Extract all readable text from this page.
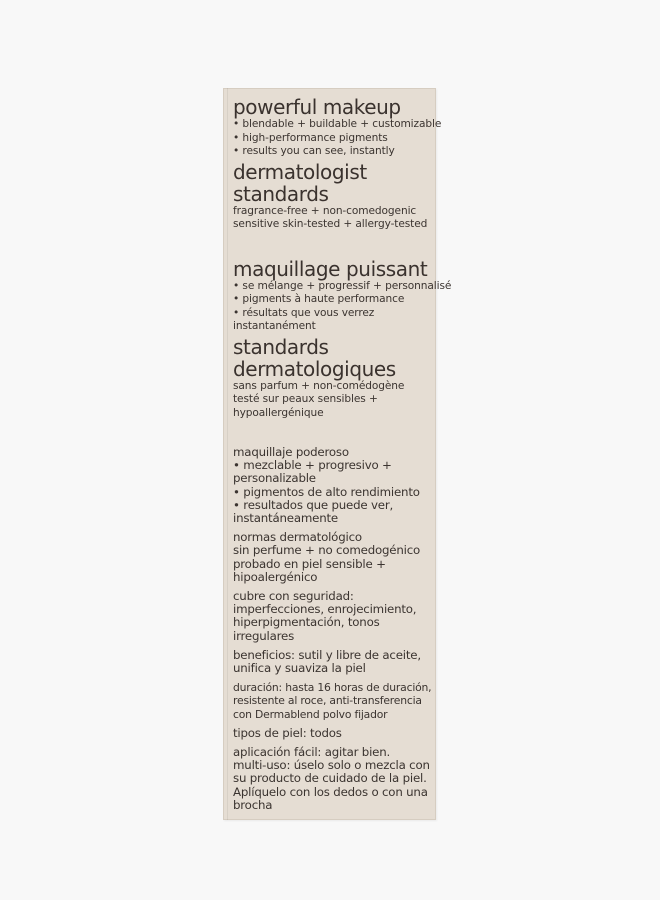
powerful makeup
• blendable + buildable + customizable
• high-performance pigments
• results you can see, instantly
dermatologist
standards
fragrance-free + non-comedogenic
sensitive skin-tested + allergy-tested
maquillage puissant
• se mélange + progressif + personnalisé
• pigments à haute performance
• résultats que vous verrez
instantanément
standards
dermatologiques
sans parfum + non-comédogène
testé sur peaux sensibles +
hypoallergénique
maquillaje poderoso
• mezclable + progresivo +
personalizable
• pigmentos de alto rendimiento
• resultados que puede ver,
instantáneamente
normas dermatológico
sin perfume + no comedogénico
probado en piel sensible +
hipoalergénico
cubre con seguridad:
imperfecciones, enrojecimiento,
hiperpigmentación, tonos
irregulares
beneficios: sutil y libre de aceite,
unifica y suaviza la piel
duración: hasta 16 horas de duración,
resistente al roce, anti-transferencia
con Dermablend polvo fijador
tipos de piel: todos
aplicación fácil: agitar bien.
multi-uso: úselo solo o mezcla con
su producto de cuidado de la piel.
Aplíquelo con los dedos o con una
brocha
